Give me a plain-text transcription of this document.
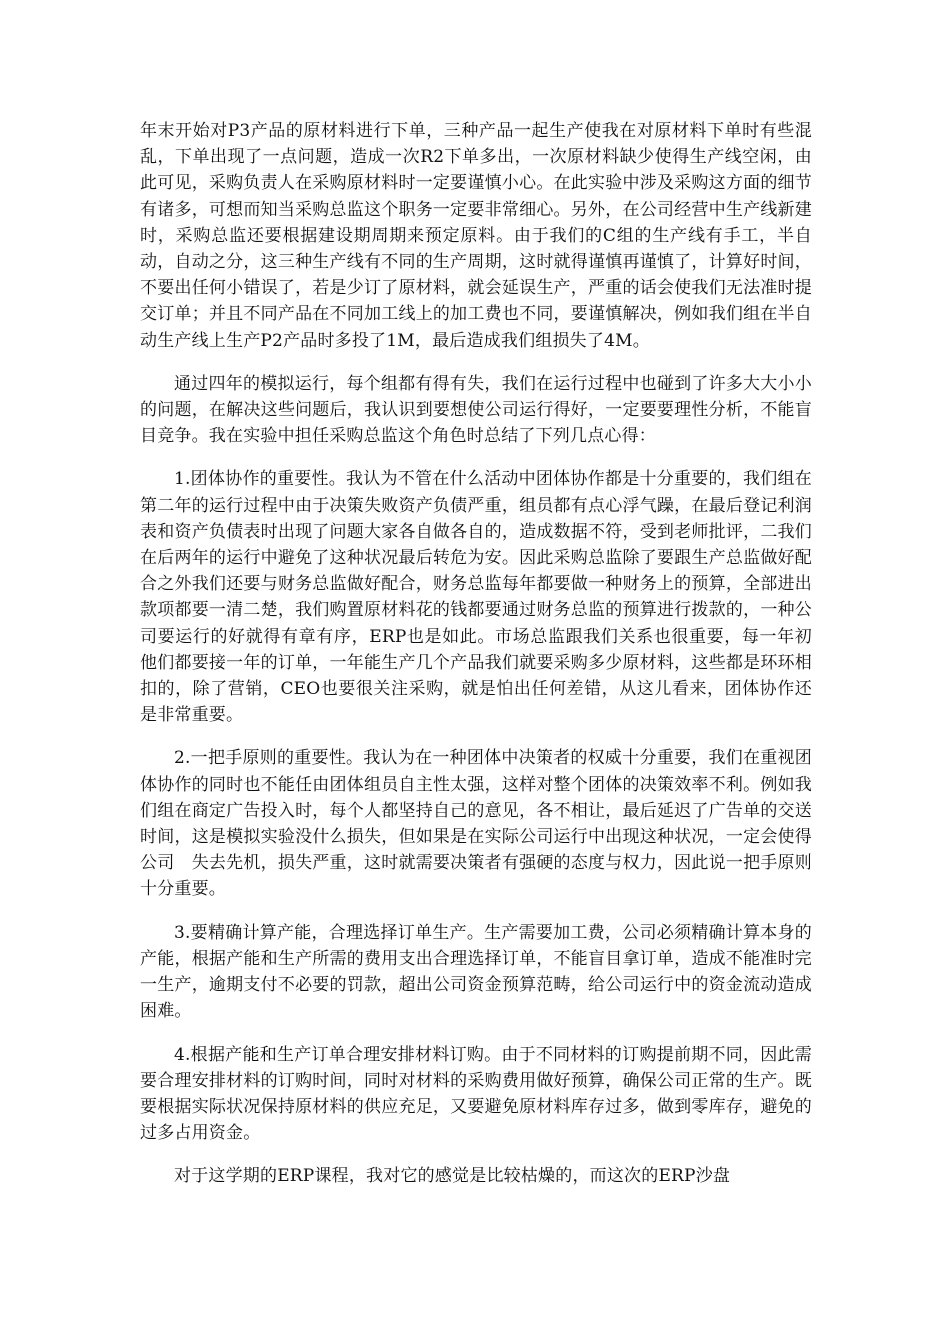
年末开始对P3产品的原材料进行下单，三种产品一起生产使我在对原材料下单时有些混乱，下单出现了一点问题，造成一次R2下单多出，一次原材料缺少使得生产线空闲，由此可见，采购负责人在采购原材料时一定要谨慎小心。在此实验中涉及采购这方面的细节有诸多，可想而知当采购总监这个职务一定要非常细心。另外，在公司经营中生产线新建时，采购总监还要根据建设期周期来预定原料。由于我们的C组的生产线有手工，半自动，自动之分，这三种生产线有不同的生产周期，这时就得谨慎再谨慎了，计算好时间，不要出任何小错误了，若是少订了原材料，就会延误生产，严重的话会使我们无法准时提交订单；并且不同产品在不同加工线上的加工费也不同，要谨慎解决，例如我们组在半自动生产线上生产P2产品时多投了1M，最后造成我们组损失了4M。

通过四年的模拟运行，每个组都有得有失，我们在运行过程中也碰到了许多大大小小的问题，在解决这些问题后，我认识到要想使公司运行得好，一定要要理性分析，不能盲目竞争。我在实验中担任采购总监这个角色时总结了下列几点心得：

1.团体协作的重要性。我认为不管在什么活动中团体协作都是十分重要的，我们组在第二年的运行过程中由于决策失败资产负债严重，组员都有点心浮气躁，在最后登记利润表和资产负债表时出现了问题大家各自做各自的，造成数据不符，受到老师批评，二我们在后两年的运行中避免了这种状况最后转危为安。因此采购总监除了要跟生产总监做好配合之外我们还要与财务总监做好配合，财务总监每年都要做一种财务上的预算，全部进出款项都要一清二楚，我们购置原材料花的钱都要通过财务总监的预算进行拨款的，一种公司要运行的好就得有章有序，ERP也是如此。市场总监跟我们关系也很重要，每一年初他们都要接一年的订单，一年能生产几个产品我们就要采购多少原材料，这些都是环环相扣的，除了营销，CEO也要很关注采购，就是怕出任何差错，从这儿看来，团体协作还是非常重要。

2.一把手原则的重要性。我认为在一种团体中决策者的权威十分重要，我们在重视团体协作的同时也不能任由团体组员自主性太强，这样对整个团体的决策效率不利。例如我们组在商定广告投入时，每个人都坚持自己的意见，各不相让，最后延迟了广告单的交送时间，这是模拟实验没什么损失，但如果是在实际公司运行中出现这种状况，一定会使得公司　失去先机，损失严重，这时就需要决策者有强硬的态度与权力，因此说一把手原则十分重要。

3.要精确计算产能，合理选择订单生产。生产需要加工费，公司必须精确计算本身的产能，根据产能和生产所需的费用支出合理选择订单，不能盲目拿订单，造成不能准时完一生产，逾期支付不必要的罚款，超出公司资金预算范畴，给公司运行中的资金流动造成困难。

4.根据产能和生产订单合理安排材料订购。由于不同材料的订购提前期不同，因此需要合理安排材料的订购时间，同时对材料的采购费用做好预算，确保公司正常的生产。既要根据实际状况保持原材料的供应充足，又要避免原材料库存过多，做到零库存，避免的过多占用资金。

对于这学期的ERP课程，我对它的感觉是比较枯燥的，而这次的ERP沙盘
